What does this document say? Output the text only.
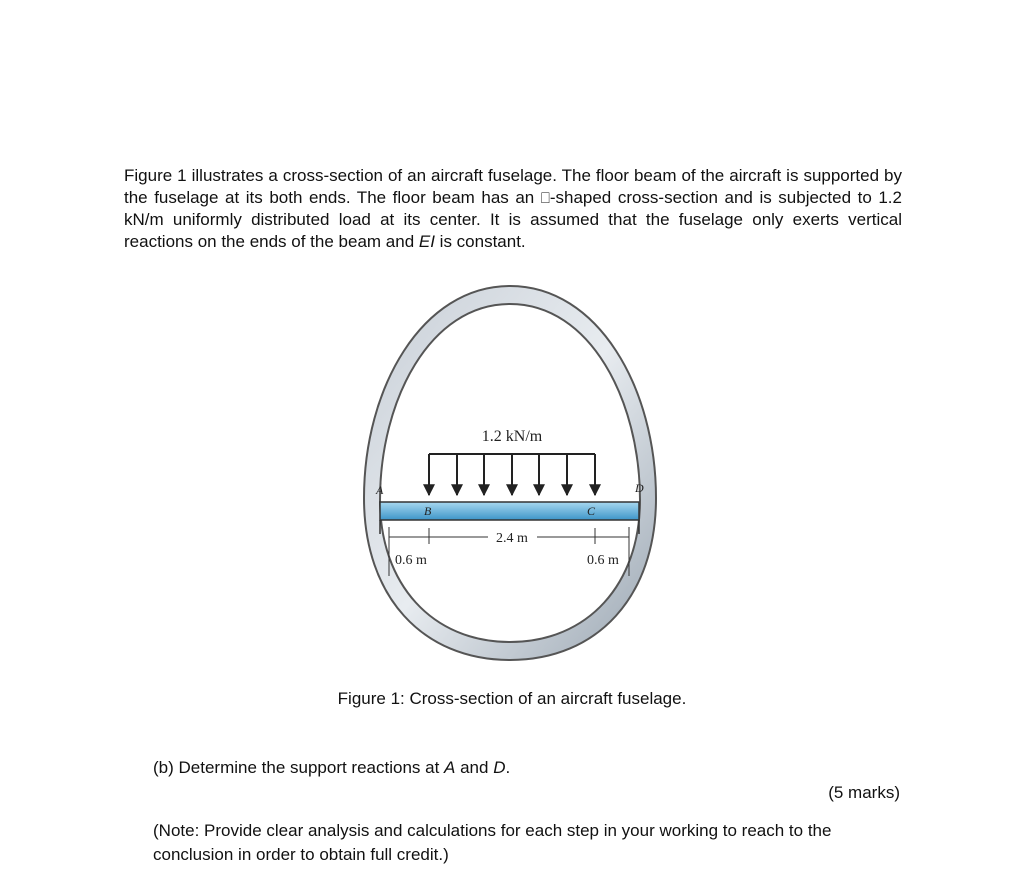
Figure 1 illustrates a cross-section of an aircraft fuselage. The floor beam of the aircraft is supported by the fuselage at its both ends. The floor beam has an ⎕-shaped cross-section and is subjected to 1.2 kN/m uniformly distributed load at its center. It is assumed that the fuselage only exerts vertical reactions on the ends of the beam and EI is constant.

1.2 kN/m
A	D
B	C
2.4 m
0.6 m	0.6 m

Figure 1: Cross-section of an aircraft fuselage.

(b) Determine the support reactions at A and D.

(5 marks)

(Note: Provide clear analysis and calculations for each step in your working to reach to the conclusion in order to obtain full credit.)
